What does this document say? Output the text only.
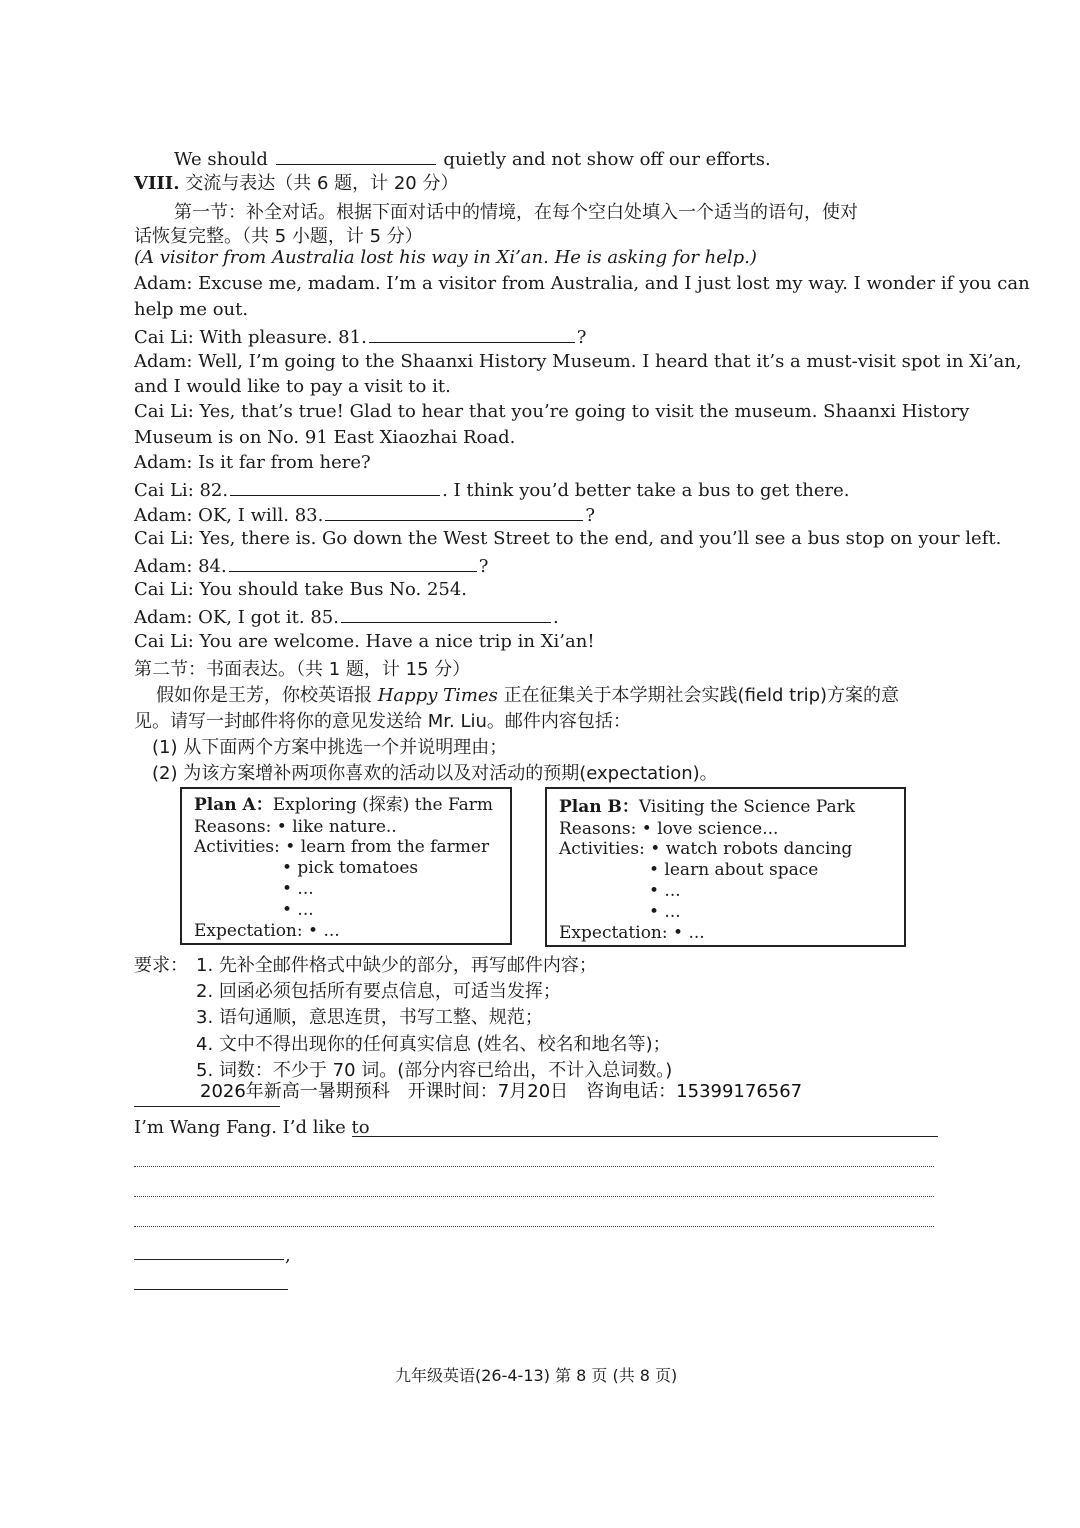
We should	quietly and not show off our efforts.
VIII. 交流与表达（共 6 题，计 20 分）
第一节：补全对话。根据下面对话中的情境，在每个空白处填入一个适当的语句，使对
话恢复完整。（共 5 小题，计 5 分）
(A visitor from Australia lost his way in Xi’an. He is asking for help.)
Adam: Excuse me, madam. I’m a visitor from Australia, and I just lost my way. I wonder if you can
help me out.
Cai Li: With pleasure. 81.	?
Adam: Well, I’m going to the Shaanxi History Museum. I heard that it’s a must-visit spot in Xi’an,
and I would like to pay a visit to it.
Cai Li: Yes, that’s true! Glad to hear that you’re going to visit the museum. Shaanxi History
Museum is on No. 91 East Xiaozhai Road.
Adam: Is it far from here?
Cai Li: 82.	. I think you’d better take a bus to get there.
Adam: OK, I will. 83.	?
Cai Li: Yes, there is. Go down the West Street to the end, and you’ll see a bus stop on your left.
Adam: 84.	?
Cai Li: You should take Bus No. 254.
Adam: OK, I got it. 85.	.
Cai Li: You are welcome. Have a nice trip in Xi’an!
第二节：书面表达。（共 1 题，计 15 分）
假如你是王芳，你校英语报 Happy Times 正在征集关于本学期社会实践(field trip)方案的意
见。请写一封邮件将你的意见发送给 Mr. Liu。邮件内容包括：
(1) 从下面两个方案中挑选一个并说明理由；
(2) 为该方案增补两项你喜欢的活动以及对活动的预期(expectation)。
Plan A：Exploring (探索) the Farm
Reasons: • like nature..
Activities: • learn from the farmer
• pick tomatoes
• ...
• ...
Expectation: • ...
Plan B：Visiting the Science Park
Reasons: • love science...
Activities: • watch robots dancing
• learn about space
• ...
• ...
Expectation: • ...
要求： 1. 先补全邮件格式中缺少的部分，再写邮件内容；
2. 回函必须包括所有要点信息，可适当发挥；
3. 语句通顺，意思连贯，书写工整、规范；
4. 文中不得出现你的任何真实信息 (姓名、校名和地名等)；
5. 词数：不少于 70 词。(部分内容已给出，不计入总词数。)
2026年新高一暑期预科　开课时间：7月20日　咨询电话：15399176567
I’m Wang Fang. I’d like to
,
九年级英语(26-4-13) 第 8 页 (共 8 页)
